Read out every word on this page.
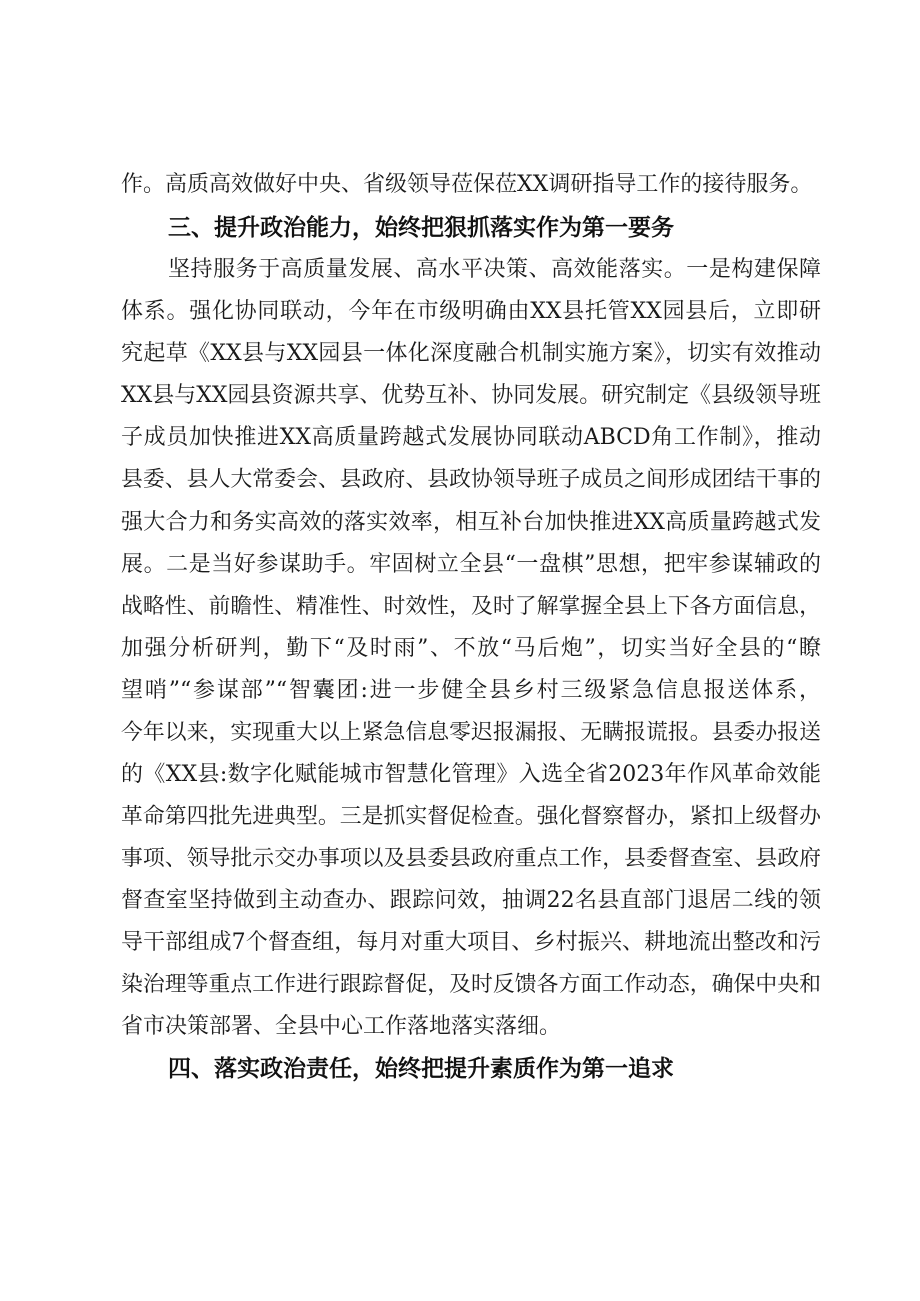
作。高质高效做好中央、省级领导莅保莅XX调研指导工作的接待服务。
三、提升政治能力，始终把狠抓落实作为第一要务
坚持服务于高质量发展、高水平决策、高效能落实。一是构建保障
体系。强化协同联动，今年在市级明确由XX县托管XX园县后，立即研
究起草《XX县与XX园县一体化深度融合机制实施方案》，切实有效推动
XX县与XX园县资源共享、优势互补、协同发展。研究制定《县级领导班
子成员加快推进XX高质量跨越式发展协同联动ABCD角工作制》，推动
县委、县人大常委会、县政府、县政协领导班子成员之间形成团结干事的
强大合力和务实高效的落实效率，相互补台加快推进XX高质量跨越式发
展。二是当好参谋助手。牢固树立全县“一盘棋”思想，把牢参谋辅政的
战略性、前瞻性、精准性、时效性，及时了解掌握全县上下各方面信息，
加强分析研判，勤下“及时雨”、不放“马后炮”，切实当好全县的“瞭
望哨”“参谋部”“智囊团:进一步健全县乡村三级紧急信息报送体系，
今年以来，实现重大以上紧急信息零迟报漏报、无瞒报谎报。县委办报送
的《XX县:数字化赋能城市智慧化管理》入选全省2023年作风革命效能
革命第四批先进典型。三是抓实督促检查。强化督察督办，紧扣上级督办
事项、领导批示交办事项以及县委县政府重点工作，县委督查室、县政府
督查室坚持做到主动查办、跟踪问效，抽调22名县直部门退居二线的领
导干部组成7个督查组，每月对重大项目、乡村振兴、耕地流出整改和污
染治理等重点工作进行跟踪督促，及时反馈各方面工作动态，确保中央和
省市决策部署、全县中心工作落地落实落细。
四、落实政治责任，始终把提升素质作为第一追求
